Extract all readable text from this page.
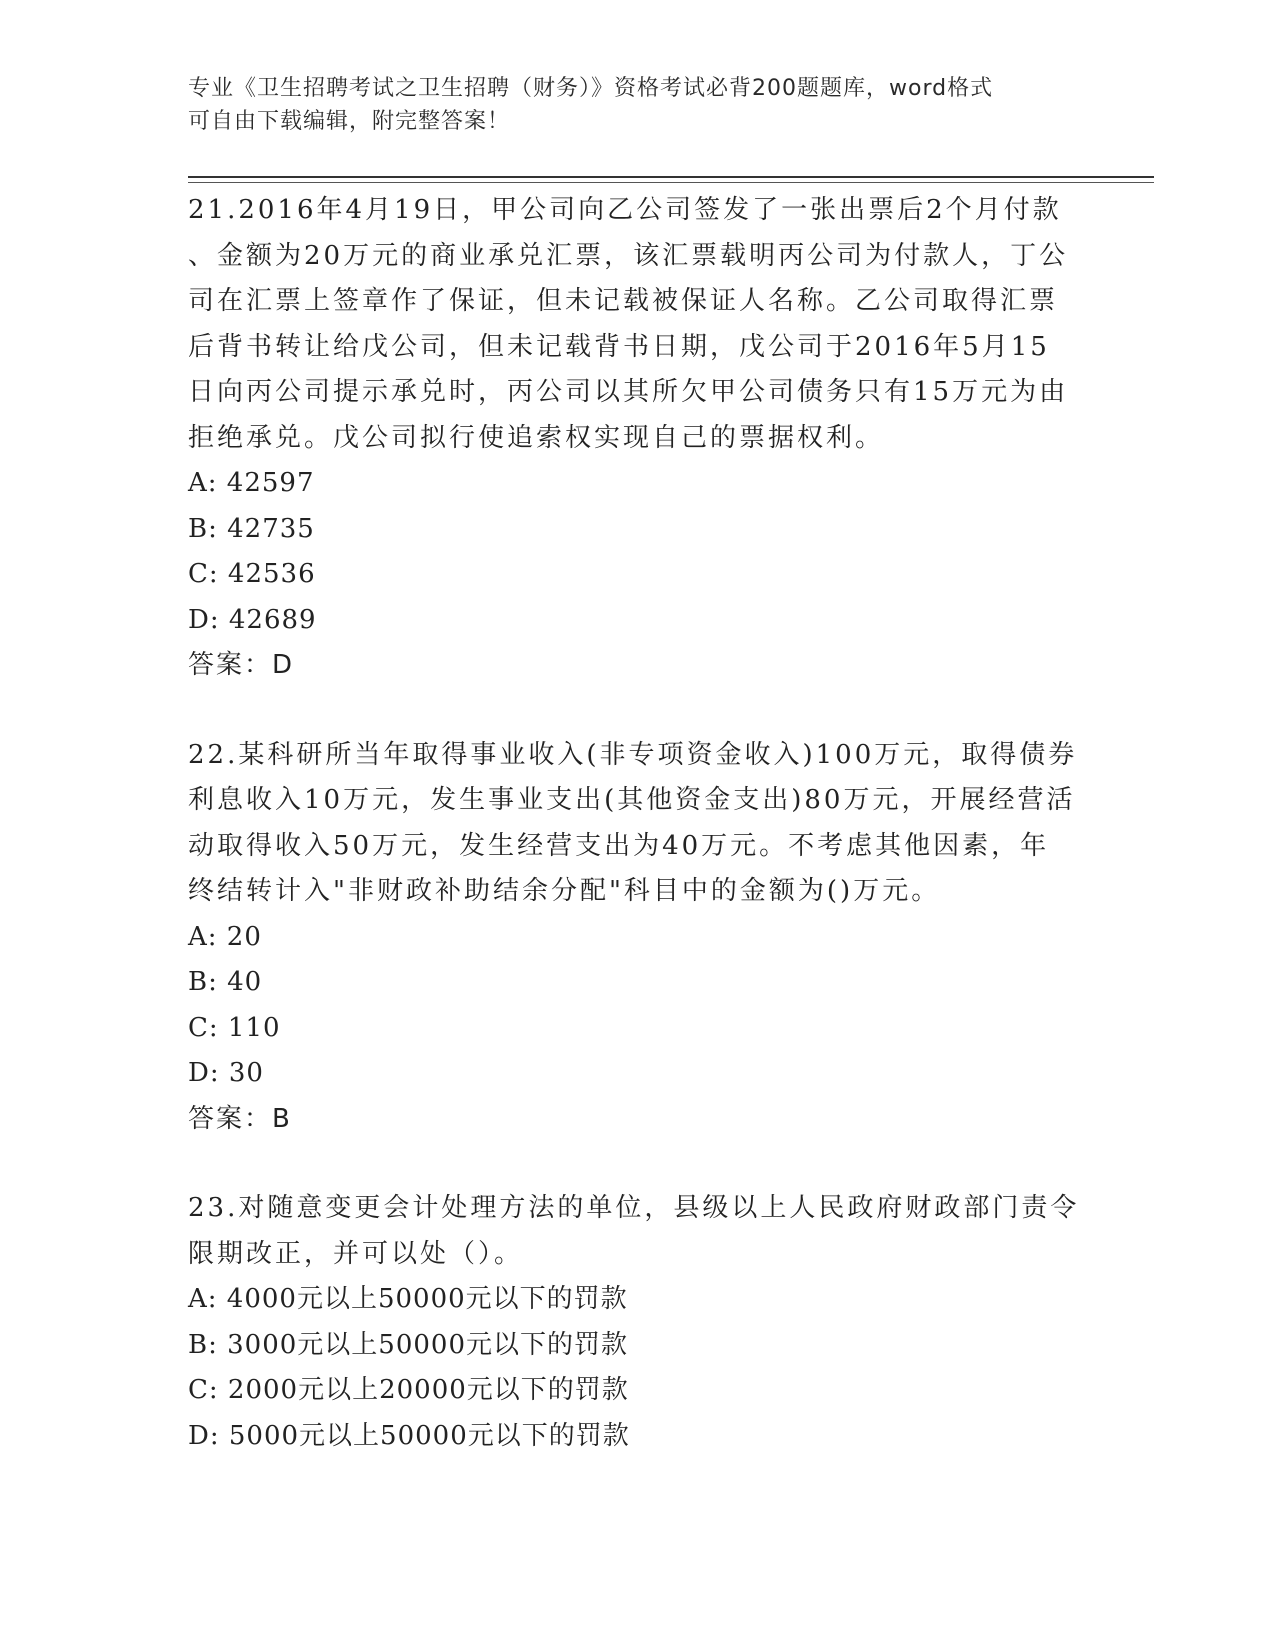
专业《卫生招聘考试之卫生招聘（财务）》资格考试必背200题题库，word格式
可自由下载编辑，附完整答案！

21.2016年4月19日，甲公司向乙公司签发了一张出票后2个月付款

、金额为20万元的商业承兑汇票，该汇票载明丙公司为付款人，丁公

司在汇票上签章作了保证，但未记载被保证人名称。乙公司取得汇票

后背书转让给戊公司，但未记载背书日期，戊公司于2016年5月15

日向丙公司提示承兑时，丙公司以其所欠甲公司债务只有15万元为由

拒绝承兑。戊公司拟行使追索权实现自己的票据权利。

A: 42597

B: 42735

C: 42536

D: 42689

答案：D

22.某科研所当年取得事业收入(非专项资金收入)100万元，取得债券

利息收入10万元，发生事业支出(其他资金支出)80万元，开展经营活

动取得收入50万元，发生经营支出为40万元。不考虑其他因素，年

终结转计入"非财政补助结余分配"科目中的金额为()万元。

A: 20

B: 40

C: 110

D: 30

答案：B

23.对随意变更会计处理方法的单位，县级以上人民政府财政部门责令

限期改正，并可以处（）。

A: 4000元以上50000元以下的罚款

B: 3000元以上50000元以下的罚款

C: 2000元以上20000元以下的罚款

D: 5000元以上50000元以下的罚款
